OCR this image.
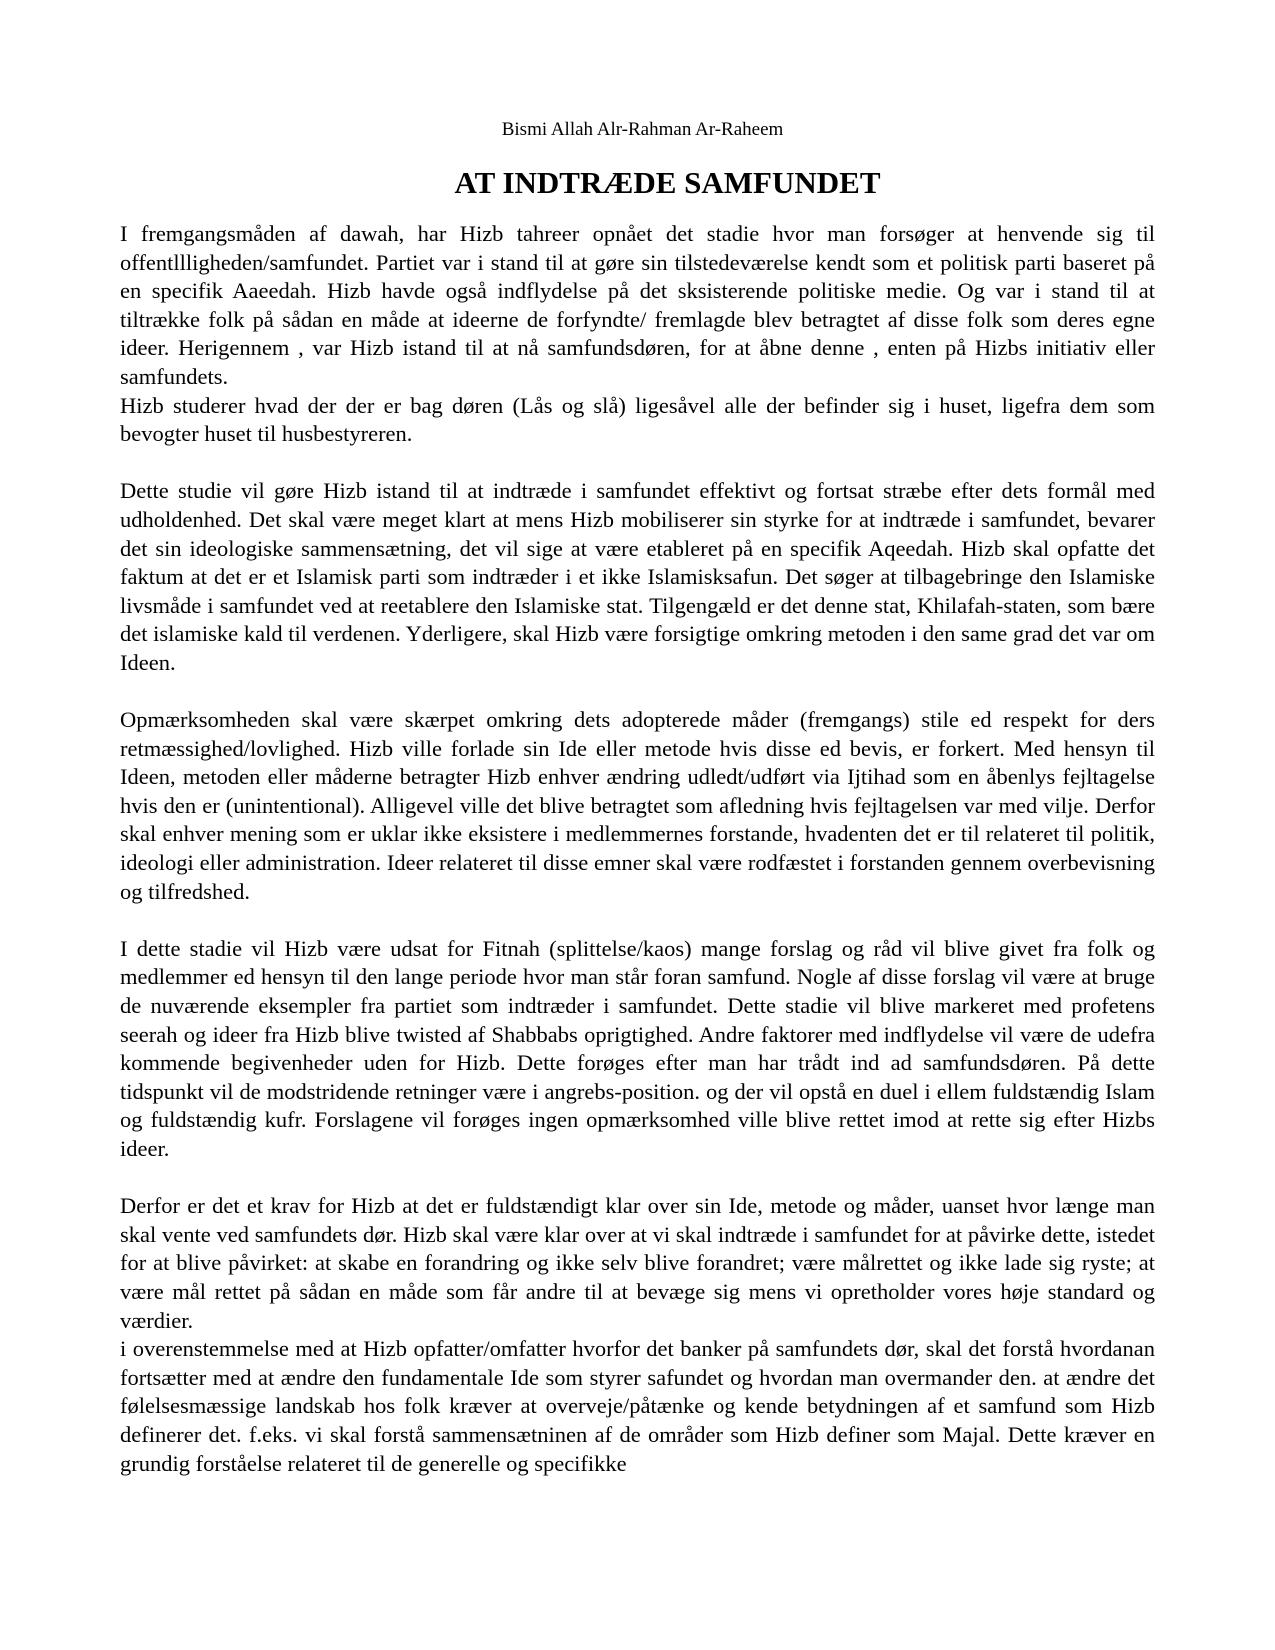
Bismi Allah Alr-Rahman Ar-Raheem

AT INDTRÆDE SAMFUNDET

I fremgangsmåden af dawah, har Hizb tahreer opnået det stadie hvor man forsøger at henvende sig til offentllligheden/samfundet. Partiet var i stand til at gøre sin tilstedeværelse kendt som et politisk parti baseret på en specifik Aaeedah. Hizb havde også indflydelse på det sksisterende politiske medie. Og var i stand til at tiltrække folk på sådan en måde at ideerne de forfyndte/ fremlagde blev betragtet af disse folk som deres egne ideer. Herigennem , var Hizb istand til at nå samfundsdøren, for at åbne denne , enten på Hizbs initiativ eller samfundets.

Hizb studerer hvad der der er bag døren (Lås og slå) ligesåvel alle der befinder sig i huset, ligefra dem som bevogter huset til husbestyreren.

Dette studie vil gøre Hizb istand til at indtræde i samfundet effektivt og fortsat stræbe efter dets formål med udholdenhed. Det skal være meget klart at mens Hizb mobiliserer sin styrke for at indtræde i samfundet, bevarer det sin ideologiske sammensætning, det vil sige at være etableret på en specifik Aqeedah. Hizb skal opfatte det faktum at det er et Islamisk parti som indtræder i et ikke Islamisksafun. Det søger at tilbagebringe den Islamiske livsmåde i samfundet ved at reetablere den Islamiske stat. Tilgengæld er det denne stat, Khilafah-staten, som bære det islamiske kald til verdenen. Yderligere, skal Hizb være forsigtige omkring metoden i den same grad det var om Ideen.

Opmærksomheden skal være skærpet omkring dets adopterede måder (fremgangs) stile ed respekt for ders retmæssighed/lovlighed. Hizb ville forlade sin Ide eller metode hvis disse ed bevis, er forkert. Med hensyn til Ideen, metoden eller måderne betragter Hizb enhver ændring udledt/udført via Ijtihad som en åbenlys fejltagelse hvis den er (unintentional). Alligevel ville det blive betragtet som afledning hvis fejltagelsen var med vilje. Derfor skal enhver mening som er uklar ikke eksistere i medlemmernes forstande, hvadenten det er til relateret til politik, ideologi eller administration. Ideer relateret til disse emner skal være rodfæstet i forstanden gennem overbevisning og tilfredshed.

I dette stadie vil Hizb være udsat for Fitnah (splittelse/kaos) mange forslag og råd vil blive givet fra folk og medlemmer ed hensyn til den lange periode hvor man står foran samfund. Nogle af disse forslag vil være at bruge de nuværende eksempler fra partiet som indtræder i samfundet. Dette stadie vil blive markeret med profetens seerah og ideer fra Hizb blive twisted af Shabbabs oprigtighed. Andre faktorer med indflydelse vil være de udefra kommende begivenheder uden for Hizb. Dette forøges efter man har trådt ind ad samfundsdøren. På dette tidspunkt vil de modstridende retninger være i angrebs-position. og der vil opstå en duel i ellem fuldstændig Islam og fuldstændig kufr. Forslagene vil forøges ingen opmærksomhed ville blive rettet imod at rette sig efter Hizbs ideer.

Derfor er det et krav for Hizb at det er fuldstændigt klar over sin Ide, metode og måder, uanset hvor længe man skal vente ved samfundets dør. Hizb skal være klar over at vi skal indtræde i samfundet for at påvirke dette, istedet for at blive påvirket: at skabe en forandring og ikke selv blive forandret; være målrettet og ikke lade sig ryste; at være mål rettet på sådan en måde som får andre til at bevæge sig mens vi opretholder vores høje standard og værdier.

i overenstemmelse med at Hizb opfatter/omfatter hvorfor det banker på samfundets dør, skal det forstå hvordanan fortsætter med at ændre den fundamentale Ide som styrer safundet og hvordan man overmander den. at ændre det følelsesmæssige landskab hos folk kræver at overveje/påtænke og kende betydningen af et samfund som Hizb definerer det. f.eks. vi skal forstå sammensætninen af de områder som Hizb definer som Majal. Dette kræver en grundig forståelse relateret til de generelle og specifikke
